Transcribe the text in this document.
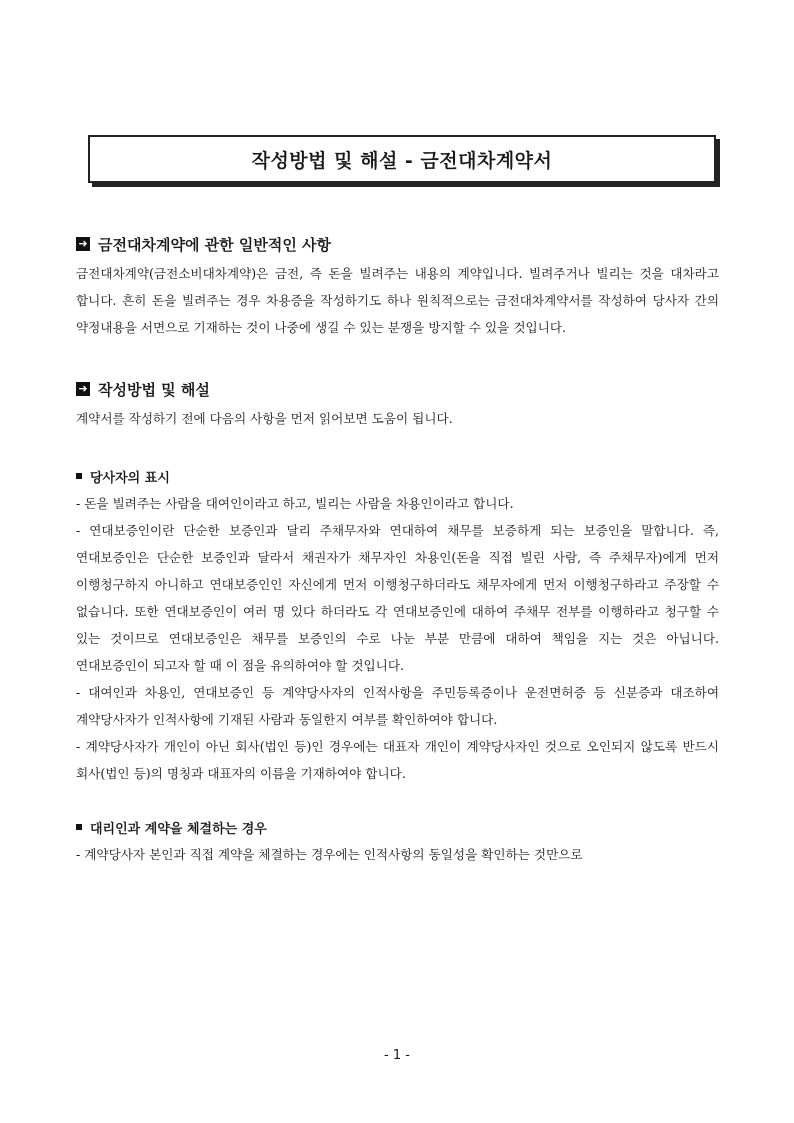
작성방법 및 해설 - 금전대차계약서
➜ 금전대차계약에 관한 일반적인 사항

금전대차계약(금전소비대차계약)은 금전, 즉 돈을 빌려주는 내용의 계약입니다. 빌려주거나 빌리는 것을 대차라고 합니다. 흔히 돈을 빌려주는 경우 차용증을 작성하기도 하나 원칙적으로는 금전대차계약서를 작성하여 당사자 간의 약정내용을 서면으로 기재하는 것이 나중에 생길 수 있는 분쟁을 방지할 수 있을 것입니다.

➜ 작성방법 및 해설

계약서를 작성하기 전에 다음의 사항을 먼저 읽어보면 도움이 됩니다.

당사자의 표시

- 돈을 빌려주는 사람을 대여인이라고 하고, 빌리는 사람을 차용인이라고 합니다.

- 연대보증인이란 단순한 보증인과 달리 주채무자와 연대하여 채무를 보증하게 되는 보증인을 말합니다. 즉, 연대보증인은 단순한 보증인과 달라서 채권자가 채무자인 차용인(돈을 직접 빌린 사람, 즉 주채무자)에게 먼저 이행청구하지 아니하고 연대보증인인 자신에게 먼저 이행청구하더라도 채무자에게 먼저 이행청구하라고 주장할 수 없습니다. 또한 연대보증인이 여러 명 있다 하더라도 각 연대보증인에 대하여 주채무 전부를 이행하라고 청구할 수 있는 것이므로 연대보증인은 채무를 보증인의 수로 나눈 부분 만큼에 대하여 책임을 지는 것은 아닙니다. 연대보증인이 되고자 할 때 이 점을 유의하여야 할 것입니다.

- 대여인과 차용인, 연대보증인 등 계약당사자의 인적사항을 주민등록증이나 운전면허증 등 신분증과 대조하여 계약당사자가 인적사항에 기재된 사람과 동일한지 여부를 확인하여야 합니다.

- 계약당사자가 개인이 아닌 회사(법인 등)인 경우에는 대표자 개인이 계약당사자인 것으로 오인되지 않도록 반드시 회사(법인 등)의 명칭과 대표자의 이름을 기재하여야 합니다.

대리인과 계약을 체결하는 경우

- 계약당사자 본인과 직접 계약을 체결하는 경우에는 인적사항의 동일성을 확인하는 것만으로

- 1 -
